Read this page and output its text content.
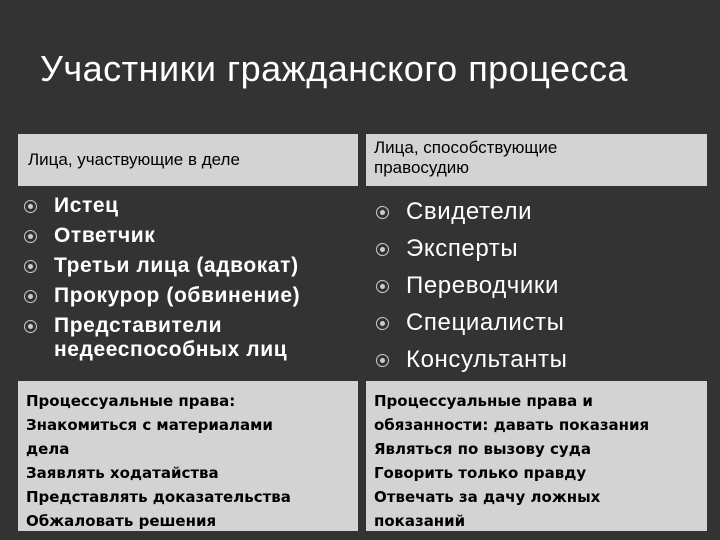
Участники гражданского процесса
Лица, участвующие в деле
Лица, способствующие
правосудию
Истец
Ответчик
Третьи лица (адвокат)
Прокурор (обвинение)
Представители
недееспособных лиц
Свидетели
Эксперты
Переводчики
Специалисты
Консультанты
Процессуальные права:
Знакомиться с материалами
дела
Заявлять ходатайства
Представлять доказательства
Обжаловать решения
Процессуальные права и
обязанности: давать показания
Являться по вызову суда
Говорить только правду
Отвечать за дачу ложных
показаний
